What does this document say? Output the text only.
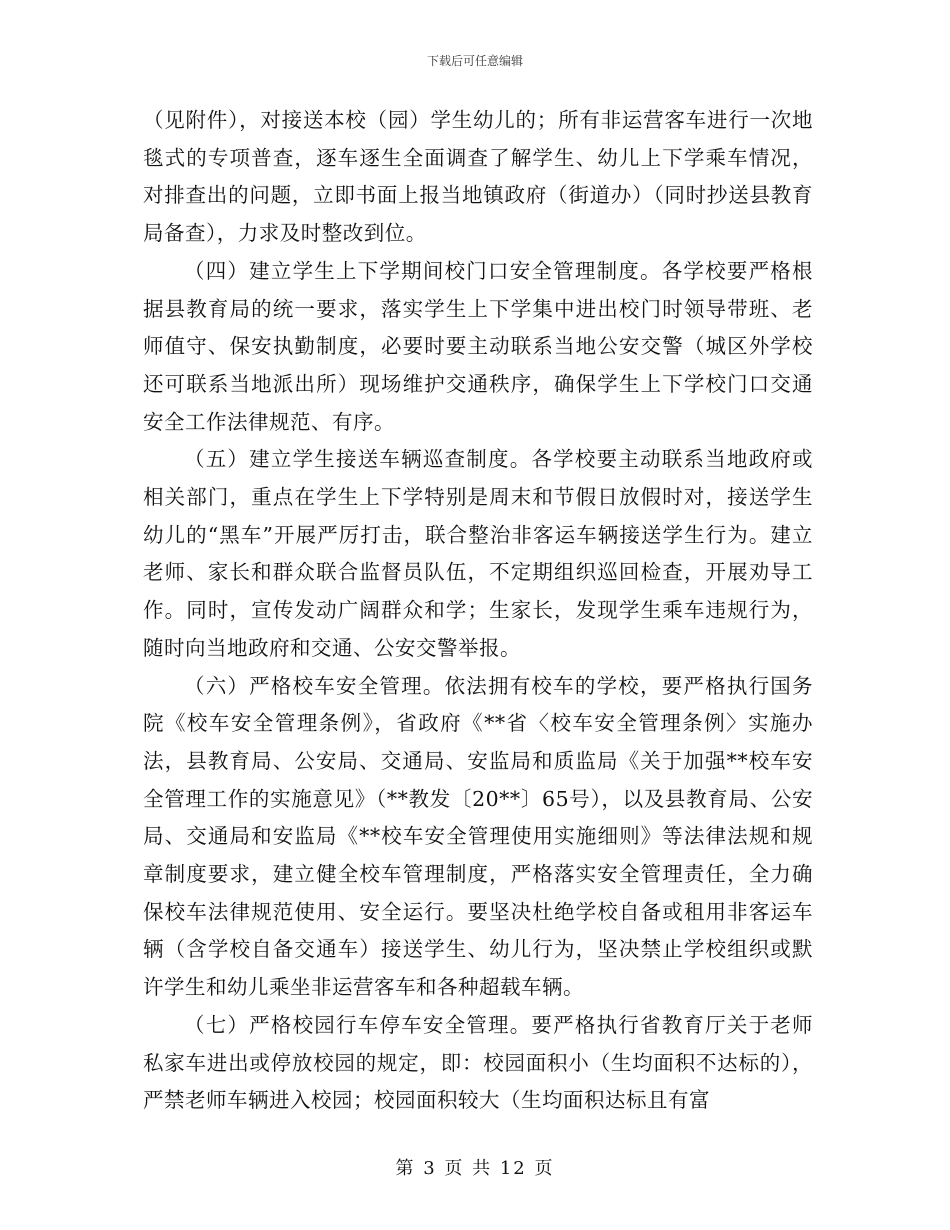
下载后可任意编辑

（见附件），对接送本校（园）学生幼儿的；所有非运营客车进行一次地毯式的专项普查，逐车逐生全面调查了解学生、幼儿上下学乘车情况，对排查出的问题，立即书面上报当地镇政府（街道办）（同时抄送县教育局备查），力求及时整改到位。

（四）建立学生上下学期间校门口安全管理制度。各学校要严格根据县教育局的统一要求，落实学生上下学集中进出校门时领导带班、老师值守、保安执勤制度，必要时要主动联系当地公安交警（城区外学校还可联系当地派出所）现场维护交通秩序，确保学生上下学校门口交通安全工作法律规范、有序。

（五）建立学生接送车辆巡查制度。各学校要主动联系当地政府或相关部门，重点在学生上下学特别是周末和节假日放假时对，接送学生幼儿的“黑车”开展严厉打击，联合整治非客运车辆接送学生行为。建立老师、家长和群众联合监督员队伍，不定期组织巡回检查，开展劝导工作。同时，宣传发动广阔群众和学；生家长，发现学生乘车违规行为，随时向当地政府和交通、公安交警举报。

（六）严格校车安全管理。依法拥有校车的学校，要严格执行国务院《校车安全管理条例》，省政府《**省〈校车安全管理条例〉实施办法，县教育局、公安局、交通局、安监局和质监局《关于加强**校车安全管理工作的实施意见》（**教发〔20**〕65号），以及县教育局、公安局、交通局和安监局《**校车安全管理使用实施细则》等法律法规和规章制度要求，建立健全校车管理制度，严格落实安全管理责任，全力确保校车法律规范使用、安全运行。要坚决杜绝学校自备或租用非客运车辆（含学校自备交通车）接送学生、幼儿行为，坚决禁止学校组织或默许学生和幼儿乘坐非运营客车和各种超载车辆。

（七）严格校园行车停车安全管理。要严格执行省教育厅关于老师私家车进出或停放校园的规定，即：校园面积小（生均面积不达标的），严禁老师车辆进入校园；校园面积较大（生均面积达标且有富

第 3 页 共 12 页
